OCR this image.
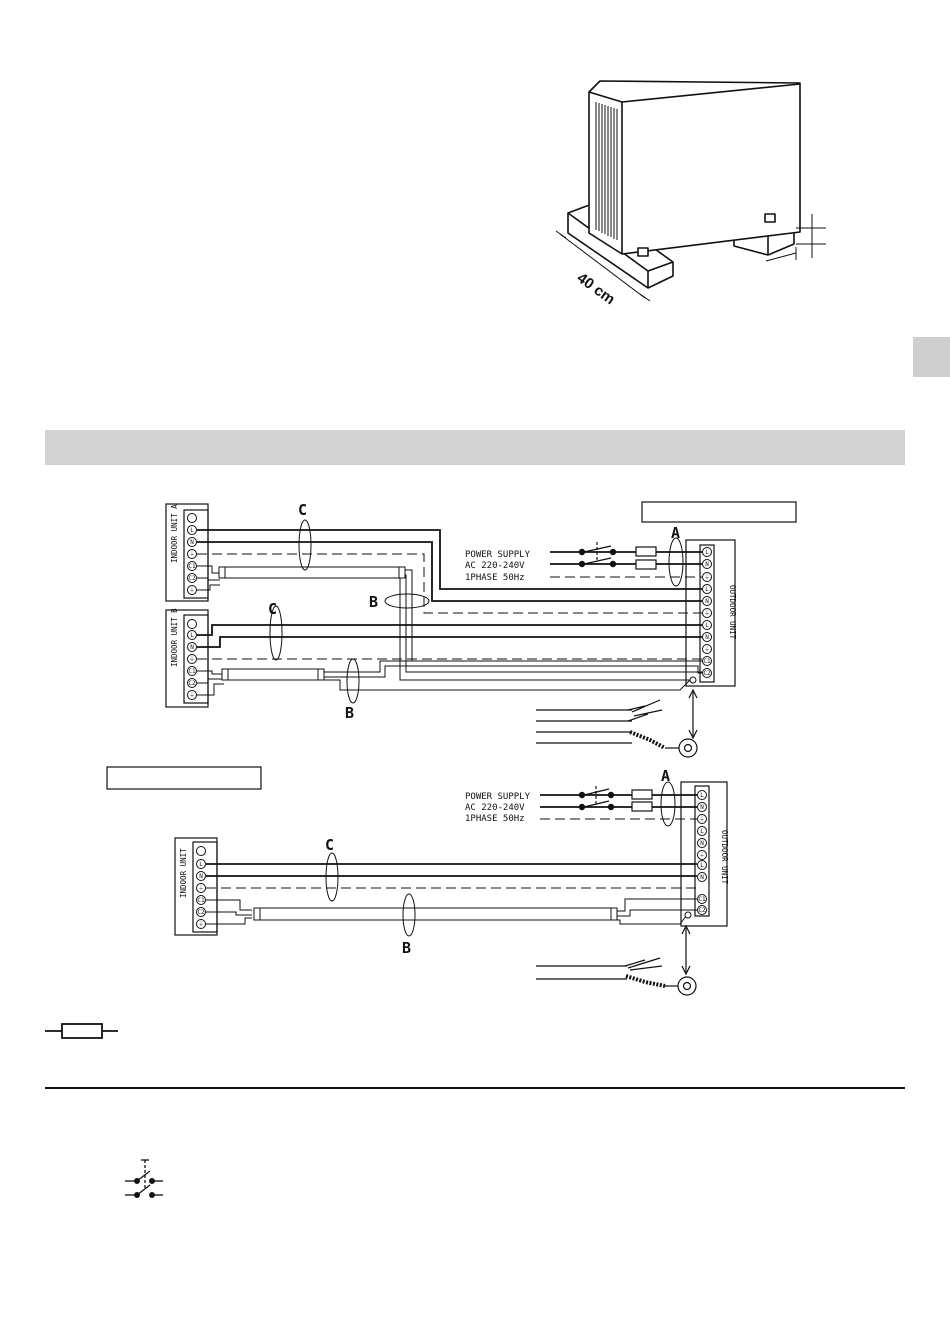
40 cm
INDOOR UNIT A
INDOOR UNIT B	OUTDOOR UNIT
L
N
⏚
C1
C2
⏚
L
N
⏚
C1
C2
⏚
L
N
⏚
L
N
⏚
L
N
⏚
C1
C2
POWER SUPPLY
AC 220-240V
1PHASE 50Hz
C
A
B
C
B
INDOOR UNIT	OUTDOOR UNIT
L
N
⏚
C1
C2
⏚
L
N
⏚
L
N
⏚
L
N
C1
C2
POWER SUPPLY
AC 220-240V
1PHASE 50Hz
C
A
B
